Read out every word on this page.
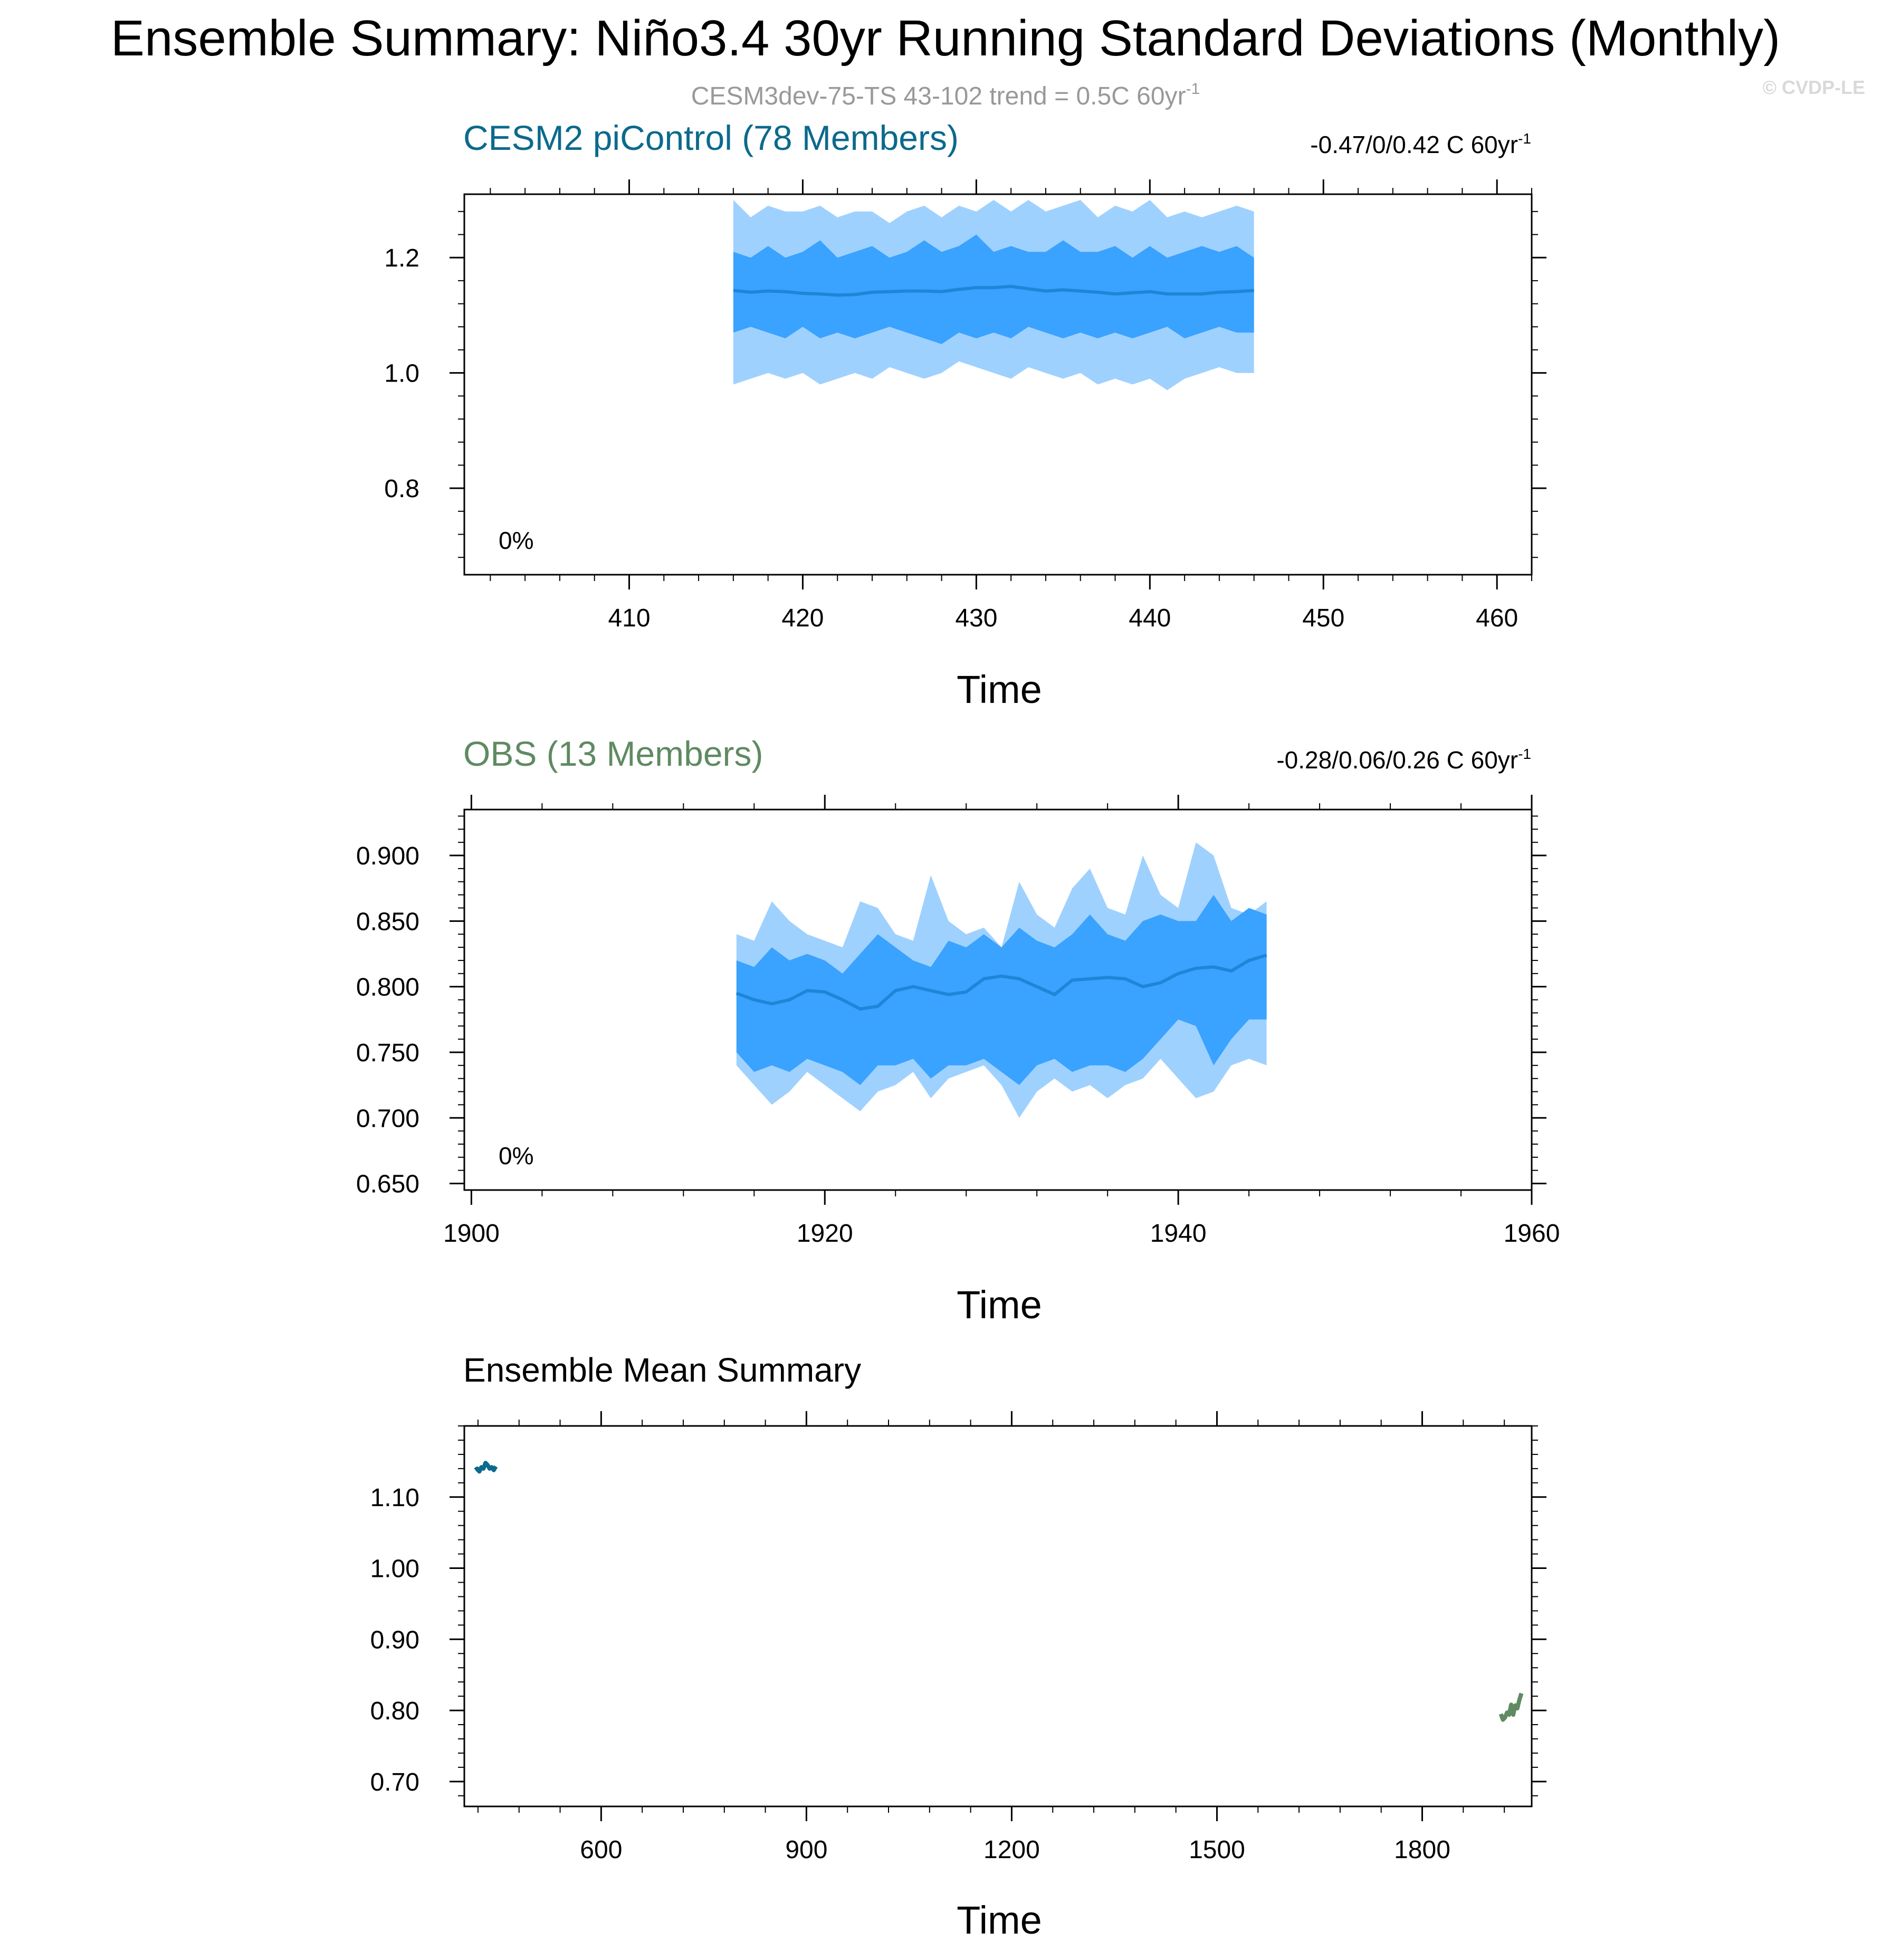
Ensemble Summary: Niño3.4 30yr Running Standard Deviations (Monthly)
CESM3dev-75-TS 43-102 trend = 0.5C $60yr^{-1}$	© CVDP-LE
CESM2 piControl (78 Members)	-0.47/0/0.42 C $60yr^{-1}$
0%
Time
410	420	430	440	450	460
0.8
1.0
1.2
OBS (13 Members)	-0.28/0.06/0.26 C $60yr^{-1}$
0%
Time
1900	1920	1940	1960
0.650
0.700
0.750
0.800
0.850
0.900
Ensemble Mean Summary
Time
600	900	1200	1500	1800
0.70
0.80
0.90
1.00
1.10
